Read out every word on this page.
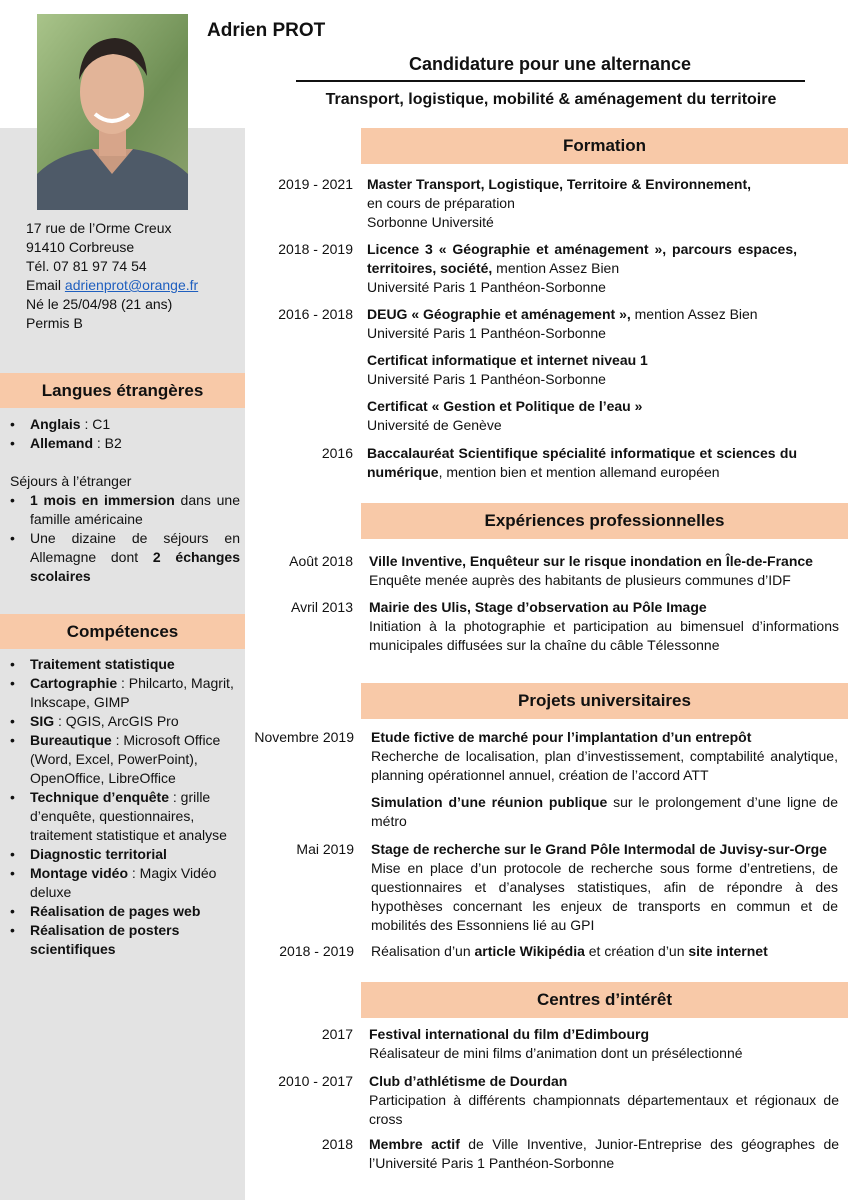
Adrien PROT
Candidature pour une alternance
Transport, logistique, mobilité & aménagement du territoire
17 rue de l’Orme Creux
91410 Corbreuse
Tél. 07 81 97 74 54
Email adrienprot@orange.fr
Né le 25/04/98 (21 ans)
Permis B
Langues étrangères
• Anglais : C1
• Allemand : B2
Séjours à l’étranger
• 1 mois en immersion dans une famille américaine
• Une dizaine de séjours en Allemagne dont 2 échanges scolaires
Compétences
• Traitement statistique
• Cartographie : Philcarto, Magrit, Inkscape, GIMP
• SIG : QGIS, ArcGIS Pro
• Bureautique : Microsoft Office (Word, Excel, PowerPoint), OpenOffice, LibreOffice
• Technique d’enquête : grille d’enquête, questionnaires, traitement statistique et analyse
• Diagnostic territorial
• Montage vidéo : Magix Vidéo deluxe
• Réalisation de pages web
• Réalisation de posters scientifiques
Formation
2019 - 2021 Master Transport, Logistique, Territoire & Environnement,
en cours de préparation
Sorbonne Université
2018 - 2019 Licence 3 « Géographie et aménagement », parcours espaces, territoires, société, mention Assez Bien
Université Paris 1 Panthéon-Sorbonne
2016 - 2018 DEUG « Géographie et aménagement », mention Assez Bien
Université Paris 1 Panthéon-Sorbonne
Certificat informatique et internet niveau 1
Université Paris 1 Panthéon-Sorbonne
Certificat « Gestion et Politique de l’eau »
Université de Genève
2016 Baccalauréat Scientifique spécialité informatique et sciences du numérique, mention bien et mention allemand européen
Expériences professionnelles
Août 2018 Ville Inventive, Enquêteur sur le risque inondation en Île-de-France
Enquête menée auprès des habitants de plusieurs communes d’IDF
Avril 2013 Mairie des Ulis, Stage d’observation au Pôle Image
Initiation à la photographie et participation au bimensuel d’informations municipales diffusées sur la chaîne du câble Télessonne
Projets universitaires
Novembre 2019 Etude fictive de marché pour l’implantation d’un entrepôt
Recherche de localisation, plan d’investissement, comptabilité analytique, planning opérationnel annuel, création de l’accord ATT
Simulation d’une réunion publique sur le prolongement d’une ligne de métro
Mai 2019 Stage de recherche sur le Grand Pôle Intermodal de Juvisy-sur-Orge
Mise en place d’un protocole de recherche sous forme d’entretiens, de questionnaires et d’analyses statistiques, afin de répondre à des hypothèses concernant les enjeux de transports en commun et de mobilités des Essonniens lié au GPI
2018 - 2019 Réalisation d’un article Wikipédia et création d’un site internet
Centres d’intérêt
2017 Festival international du film d’Edimbourg
Réalisateur de mini films d’animation dont un présélectionné
2010 - 2017 Club d’athlétisme de Dourdan
Participation à différents championnats départementaux et régionaux de cross
2018 Membre actif de Ville Inventive, Junior-Entreprise des géographes de l’Université Paris 1 Panthéon-Sorbonne
